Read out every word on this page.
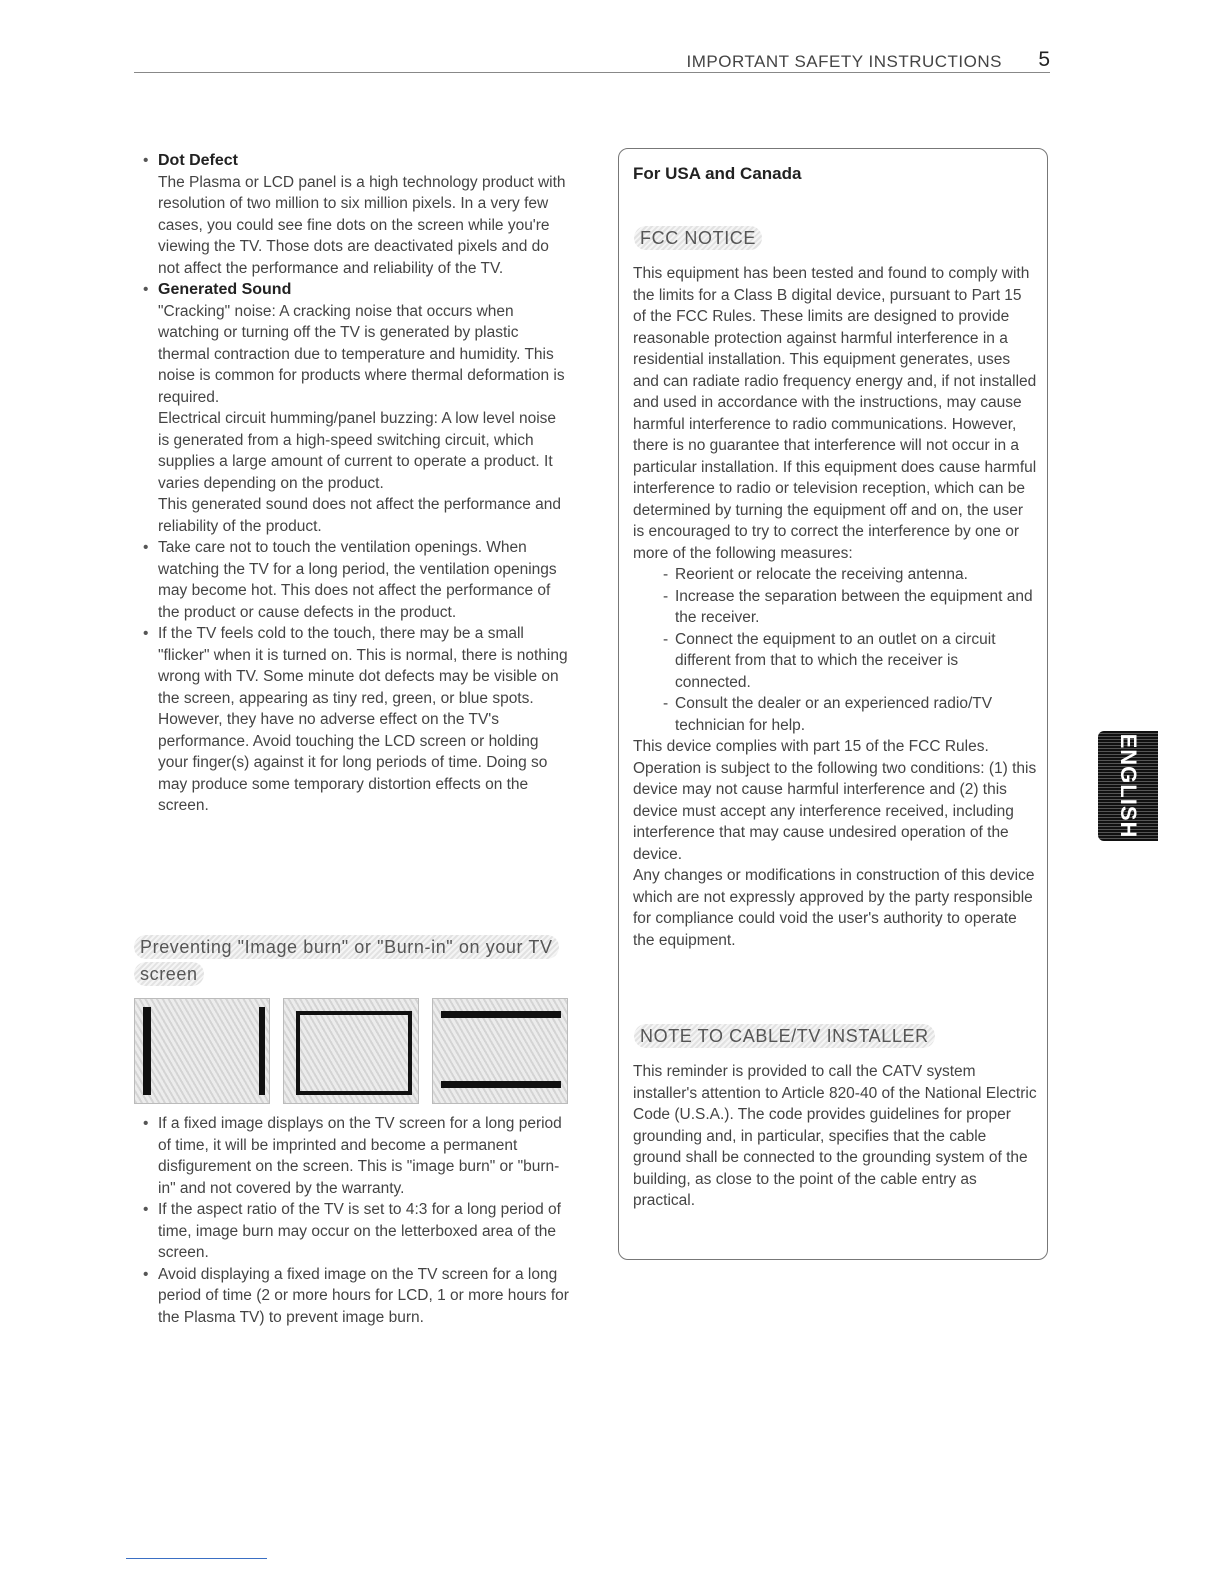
IMPORTANT SAFETY INSTRUCTIONS 5
• Dot Defect
The Plasma or LCD panel is a high technology product with resolution of two million to six million pixels. In a very few cases, you could see fine dots on the screen while you're viewing the TV. Those dots are deactivated pixels and do not affect the performance and reliability of the TV.
• Generated Sound
"Cracking" noise: A cracking noise that occurs when watching or turning off the TV is generated by plastic thermal contraction due to temperature and humidity. This noise is common for products where thermal deformation is required.
Electrical circuit humming/panel buzzing: A low level noise is generated from a high-speed switching circuit, which supplies a large amount of current to operate a product. It varies depending on the product.
This generated sound does not affect the performance and reliability of the product.
• Take care not to touch the ventilation openings. When watching the TV for a long period, the ventilation openings may become hot. This does not affect the performance of the product or cause defects in the product.
• If the TV feels cold to the touch, there may be a small "flicker" when it is turned on. This is normal, there is nothing wrong with TV. Some minute dot defects may be visible on the screen, appearing as tiny red, green, or blue spots. However, they have no adverse effect on the TV's performance. Avoid touching the LCD screen or holding your finger(s) against it for long periods of time. Doing so may produce some temporary distortion effects on the screen.
Preventing "Image burn" or "Burn-in" on your TV screen
• If a fixed image displays on the TV screen for a long period of time, it will be imprinted and become a permanent disfigurement on the screen. This is "image burn" or "burn-in" and not covered by the warranty.
• If the aspect ratio of the TV is set to 4:3 for a long period of time, image burn may occur on the letterboxed area of the screen.
• Avoid displaying a fixed image on the TV screen for a long period of time (2 or more hours for LCD, 1 or more hours for the Plasma TV) to prevent image burn.
For USA and Canada
FCC NOTICE
This equipment has been tested and found to comply with the limits for a Class B digital device, pursuant to Part 15 of the FCC Rules. These limits are designed to provide reasonable protection against harmful interference in a residential installation. This equipment generates, uses and can radiate radio frequency energy and, if not installed and used in accordance with the instructions, may cause harmful interference to radio communications. However, there is no guarantee that interference will not occur in a particular installation. If this equipment does cause harmful interference to radio or television reception, which can be determined by turning the equipment off and on, the user is encouraged to try to correct the interference by one or more of the following measures:
- Reorient or relocate the receiving antenna.
- Increase the separation between the equipment and the receiver.
- Connect the equipment to an outlet on a circuit different from that to which the receiver is connected.
- Consult the dealer or an experienced radio/TV technician for help.
This device complies with part 15 of the FCC Rules. Operation is subject to the following two conditions: (1) this device may not cause harmful interference and (2) this device must accept any interference received, including interference that may cause undesired operation of the device.
Any changes or modifications in construction of this device which are not expressly approved by the party responsible for compliance could void the user's authority to operate the equipment.
NOTE TO CABLE/TV INSTALLER
This reminder is provided to call the CATV system installer's attention to Article 820-40 of the National Electric Code (U.S.A.). The code provides guidelines for proper grounding and, in particular, specifies that the cable ground shall be connected to the grounding system of the building, as close to the point of the cable entry as practical.
ENGLISH
